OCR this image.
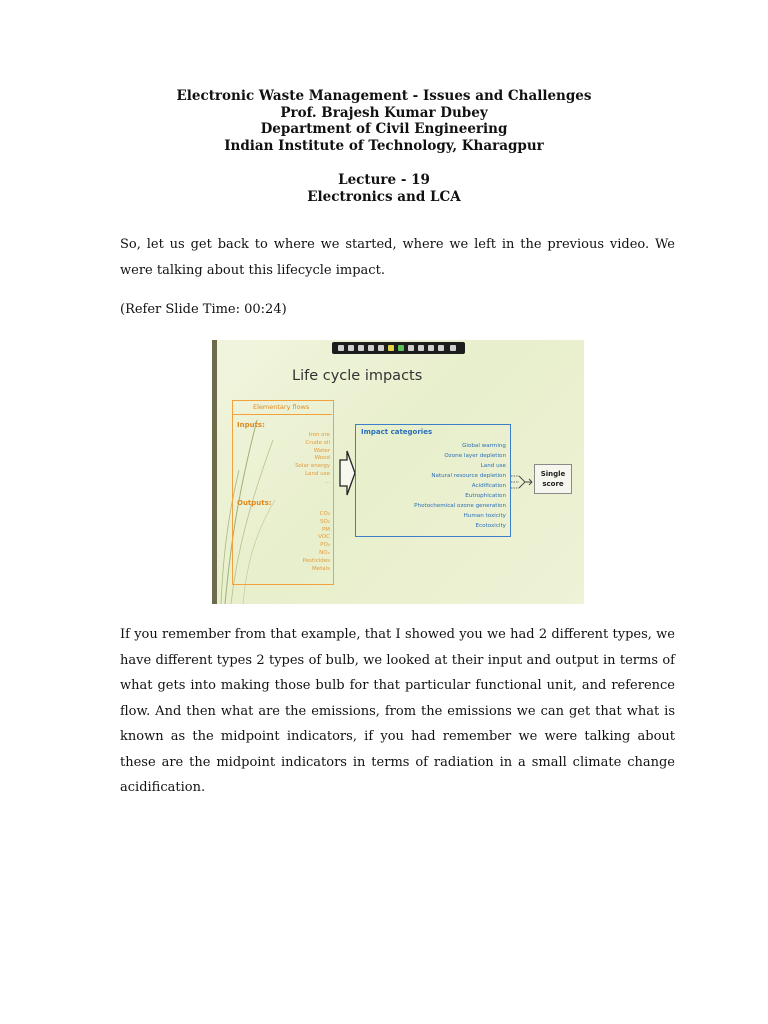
Electronic Waste Management - Issues and Challenges
Prof. Brajesh Kumar Dubey
Department of Civil Engineering
Indian Institute of Technology, Kharagpur
Lecture - 19
Electronics and LCA

So, let us get back to where we started, where we left in the previous video. We were talking about this lifecycle impact.

(Refer Slide Time: 00:24)
Life cycle impacts
Elementary flows
Inputs:
Iron ore
Crude oil
Water
Wood
Solar energy
Land use
...
Outputs:
CO₂
SO₂
PM
VOC
PO₄
NOₓ
Pesticides
Metals
Impact categories
Global warming
Ozone layer depletion
Land use
Natural resource depletion
Acidification
Eutrophication
Photochemical ozone generation
Human toxicity
Ecotoxicity
Single score

If you remember from that example, that I showed you we had 2 different types, we have different types 2 types of bulb, we looked at their input and output in terms of what gets into making those bulb for that particular functional unit, and reference flow. And then what are the emissions, from the emissions we can get that what is known as the midpoint indicators, if you had remember we were talking about these are the midpoint indicators in terms of radiation in a small climate change acidification.
